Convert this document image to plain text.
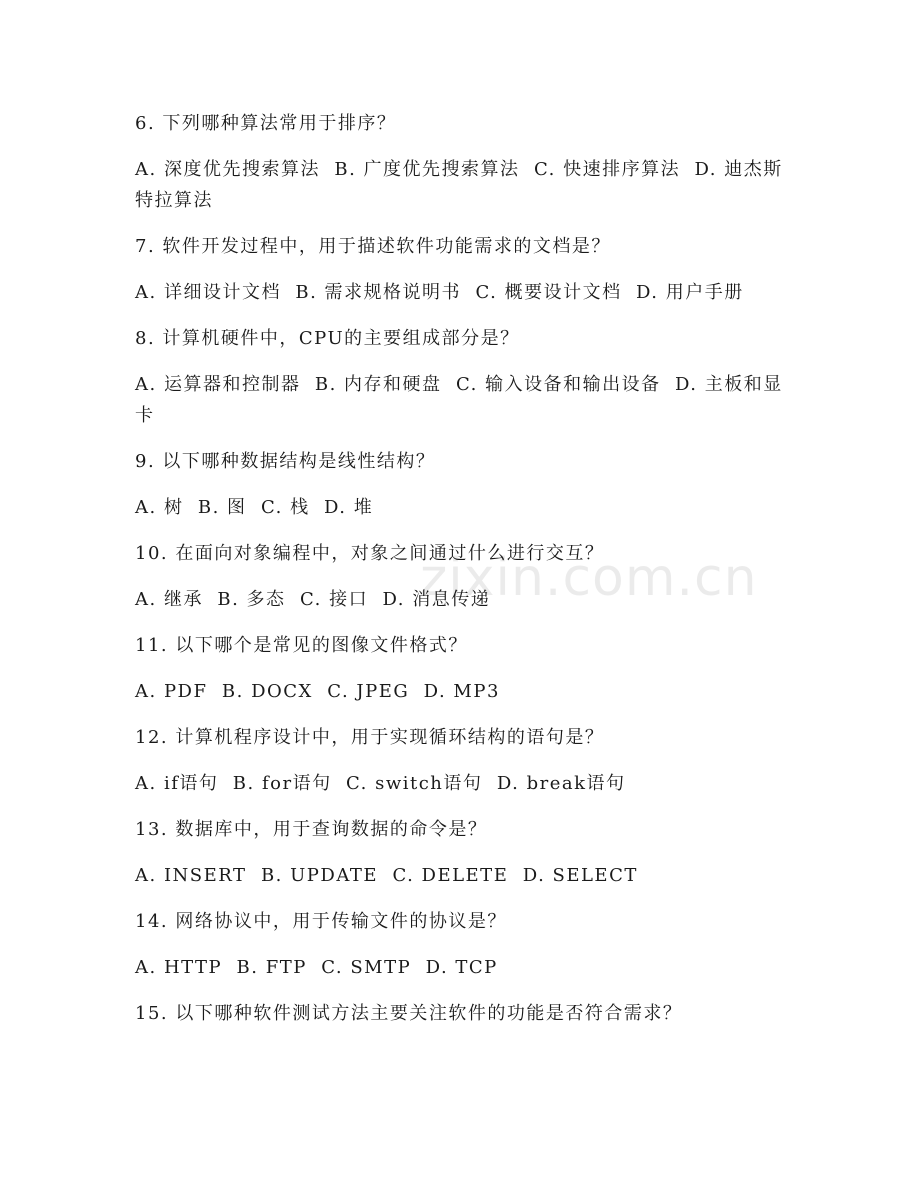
zixin.com.cn

6. 下列哪种算法常用于排序？

A. 深度优先搜索算法  B. 广度优先搜索算法  C. 快速排序算法  D. 迪杰斯特拉算法

7. 软件开发过程中，用于描述软件功能需求的文档是？

A. 详细设计文档  B. 需求规格说明书  C. 概要设计文档  D. 用户手册

8. 计算机硬件中，CPU的主要组成部分是？

A. 运算器和控制器  B. 内存和硬盘  C. 输入设备和输出设备  D. 主板和显卡

9. 以下哪种数据结构是线性结构？

A. 树  B. 图  C. 栈  D. 堆

10. 在面向对象编程中，对象之间通过什么进行交互？

A. 继承  B. 多态  C. 接口  D. 消息传递

11. 以下哪个是常见的图像文件格式？

A. PDF  B. DOCX  C. JPEG  D. MP3

12. 计算机程序设计中，用于实现循环结构的语句是？

A. if语句  B. for语句  C. switch语句  D. break语句

13. 数据库中，用于查询数据的命令是？

A. INSERT  B. UPDATE  C. DELETE  D. SELECT

14. 网络协议中，用于传输文件的协议是？

A. HTTP  B. FTP  C. SMTP  D. TCP

15. 以下哪种软件测试方法主要关注软件的功能是否符合需求？
